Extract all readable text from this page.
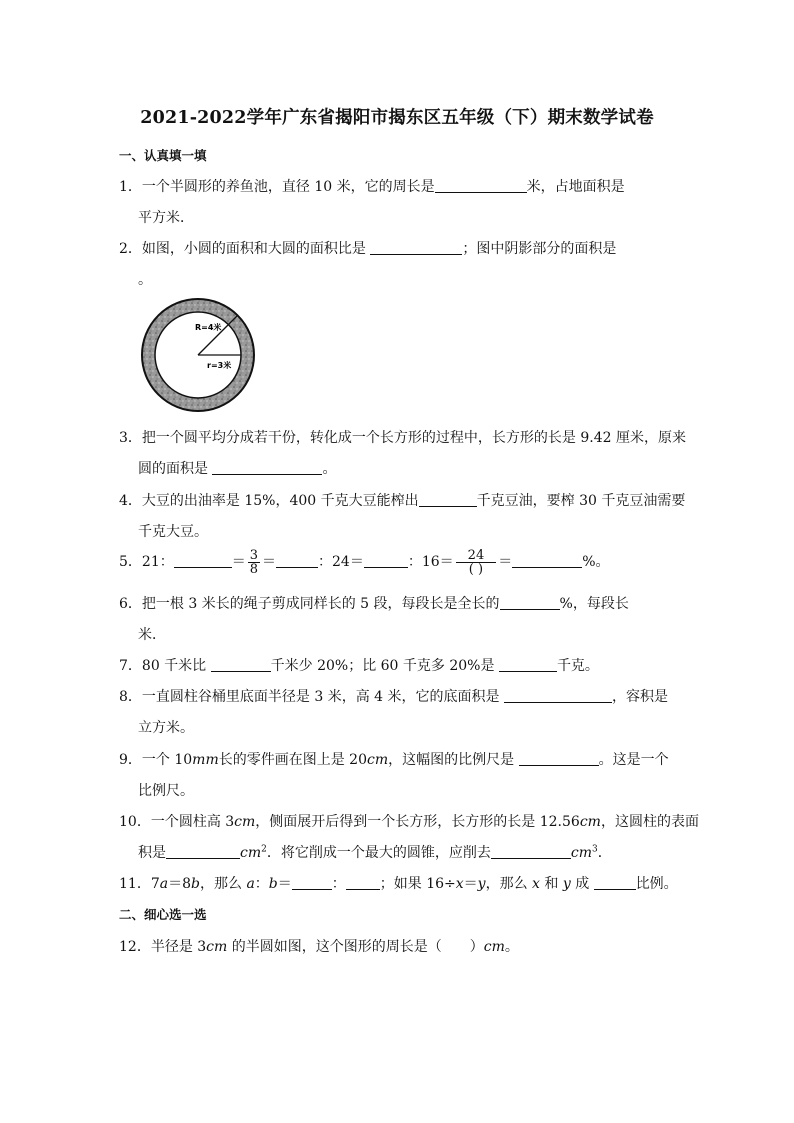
2021-2022学年广东省揭阳市揭东区五年级（下）期末数学试卷
一、认真填一填
1．一个半圆形的养鱼池，直径 10 米，它的周长是	米，占地面积是
平方米．
2．如图，小圆的面积和大圆的面积比是	；图中阴影部分的面积是
。
R=4米
r=3米
3．把一个圆平均分成若干份，转化成一个长方形的过程中，长方形的长是 9.42 厘米，原来
圆的面积是	。
4．大豆的出油率是 15%，400 千克大豆能榨出	千克豆油，要榨 30 千克豆油需要
千克大豆。
5．21：	＝ $\frac{3}{8}$ ＝	：24＝	：$16= \frac{24}{( )}$ ＝	%。
6．把一根 3 米长的绳子剪成同样长的 5 段，每段长是全长的	%，每段长
米．
7．80 千米比	千米少 20%；比 60 千克多 20%是	千克。
8．一直圆柱谷桶里底面半径是 3 米，高 4 米，它的底面积是	，容积是
立方米。
9．一个 10mm长的零件画在图上是 20cm，这幅图的比例尺是	。这是一个
比例尺。
10．一个圆柱高 3cm，侧面展开后得到一个长方形，长方形的长是 12.56cm，这圆柱的表面
积是	$cm^2$．将它削成一个最大的圆锥，应削去	$cm^3$．
11．7a＝8b，那么 a：b＝	： ；如果 16÷x＝y，那么 x 和 y 成	比例。
二、细心选一选
12．半径是 3cm 的半圆如图，这个图形的周长是（　　）cm。
